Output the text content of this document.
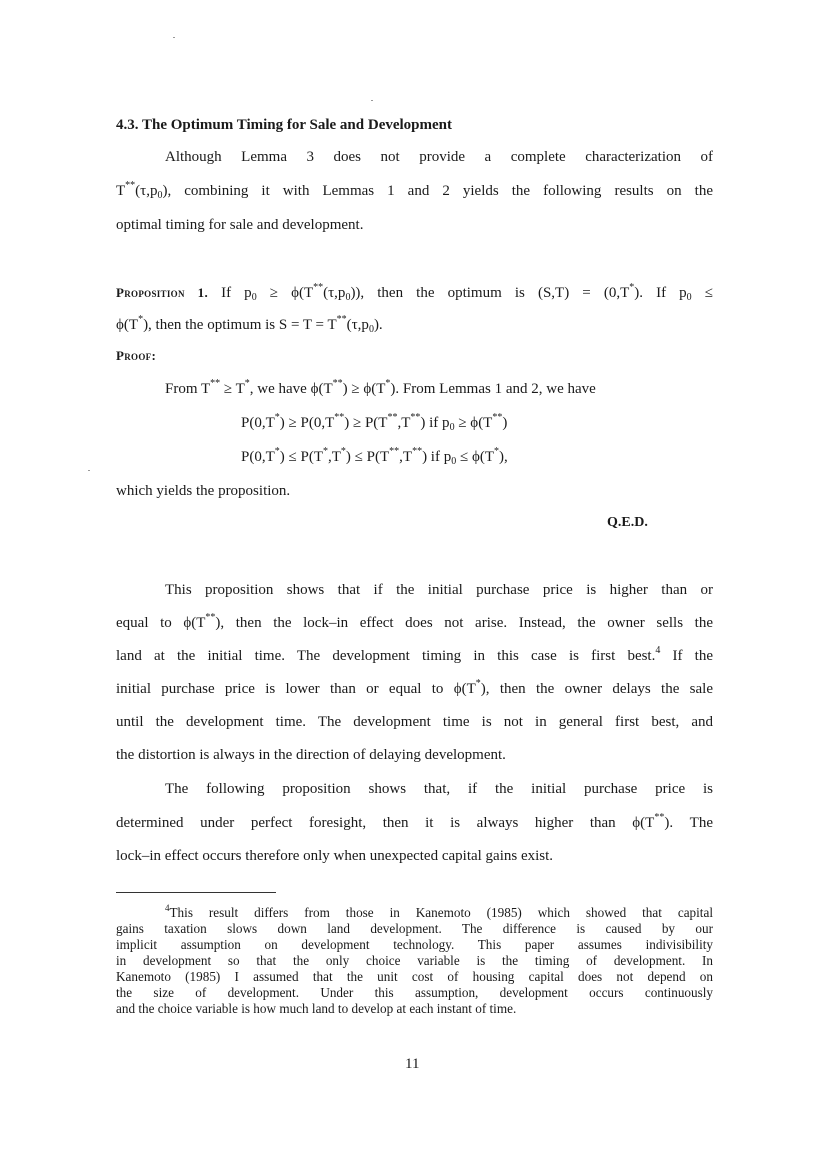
4.3. The Optimum Timing for Sale and Development
Although Lemma 3 does not provide a complete characterization of
$T^{**}(\tau,p_0)$, combining it with Lemmas 1 and 2 yields the following results on the
optimal timing for sale and development.
Proposition 1. If $p_0 \ge \phi(T^{**}(\tau,p_0))$, then the optimum is (S,T) = (0,T*). If $p_0$ ≤
ϕ(T*), then the optimum is $S = T = T^{**}(\tau,p_0)$.
Proof:
From T** ≥ T*, we have ϕ(T**) ≥ ϕ(T*). From Lemmas 1 and 2, we have
P(0,T*) ≥ P(0,T**) ≥ P(T**,T**) if $p_0 \ge \phi(T^{**})$
P(0,T*) ≤ P(T*,T*) ≤ P(T**,T**) if $p_0 \le \phi(T^*)$,
which yields the proposition.
Q.E.D.
This proposition shows that if the initial purchase price is higher than or
equal to ϕ(T**), then the lock–in effect does not arise. Instead, the owner sells the
land at the initial time. The development timing in this case is first best.$^4$ If the
initial purchase price is lower than or equal to ϕ(T*), then the owner delays the sale
until the development time. The development time is not in general first best, and
the distortion is always in the direction of delaying development.
The following proposition shows that, if the initial purchase price is
determined under perfect foresight, then it is always higher than ϕ(T**). The
lock–in effect occurs therefore only when unexpected capital gains exist.
$^4$This result differs from those in Kanemoto (1985) which showed that capital
gains taxation slows down land development. The difference is caused by our
implicit assumption on development technology. This paper assumes indivisibility
in development so that the only choice variable is the timing of development. In
Kanemoto (1985) I assumed that the unit cost of housing capital does not depend on
the size of development. Under this assumption, development occurs continuously
and the choice variable is how much land to develop at each instant of time.
11
